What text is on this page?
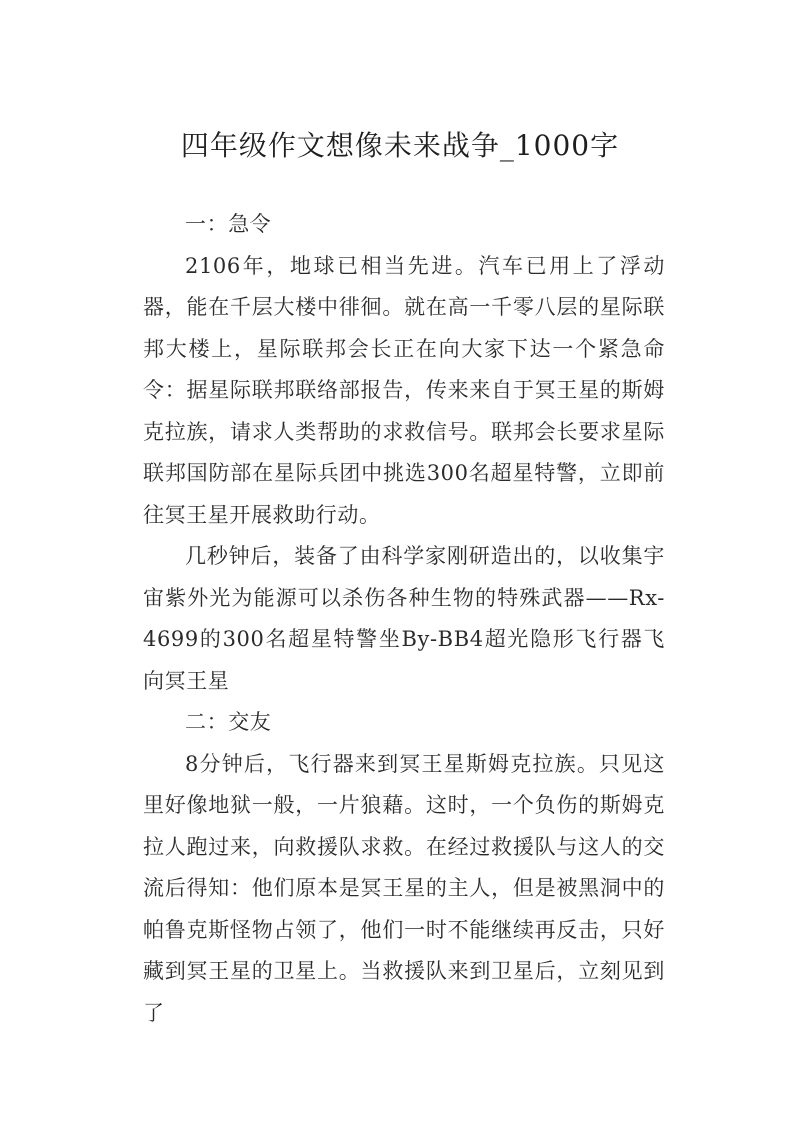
四年级作文想像未来战争_1000字

一：急令

2106年，地球已相当先进。汽车已用上了浮动器，能在千层大楼中徘徊。就在高一千零八层的星际联邦大楼上，星际联邦会长正在向大家下达一个紧急命令：据星际联邦联络部报告，传来来自于冥王星的斯姆克拉族，请求人类帮助的求救信号。联邦会长要求星际联邦国防部在星际兵团中挑选300名超星特警，立即前往冥王星开展救助行动。

几秒钟后，装备了由科学家刚研造出的，以收集宇宙紫外光为能源可以杀伤各种生物的特殊武器——Rx-4699的300名超星特警坐By-BB4超光隐形飞行器飞向冥王星

二：交友

8分钟后，飞行器来到冥王星斯姆克拉族。只见这里好像地狱一般，一片狼藉。这时，一个负伤的斯姆克拉人跑过来，向救援队求救。在经过救援队与这人的交流后得知：他们原本是冥王星的主人，但是被黑洞中的帕鲁克斯怪物占领了，他们一时不能继续再反击，只好藏到冥王星的卫星上。当救援队来到卫星后，立刻见到了
